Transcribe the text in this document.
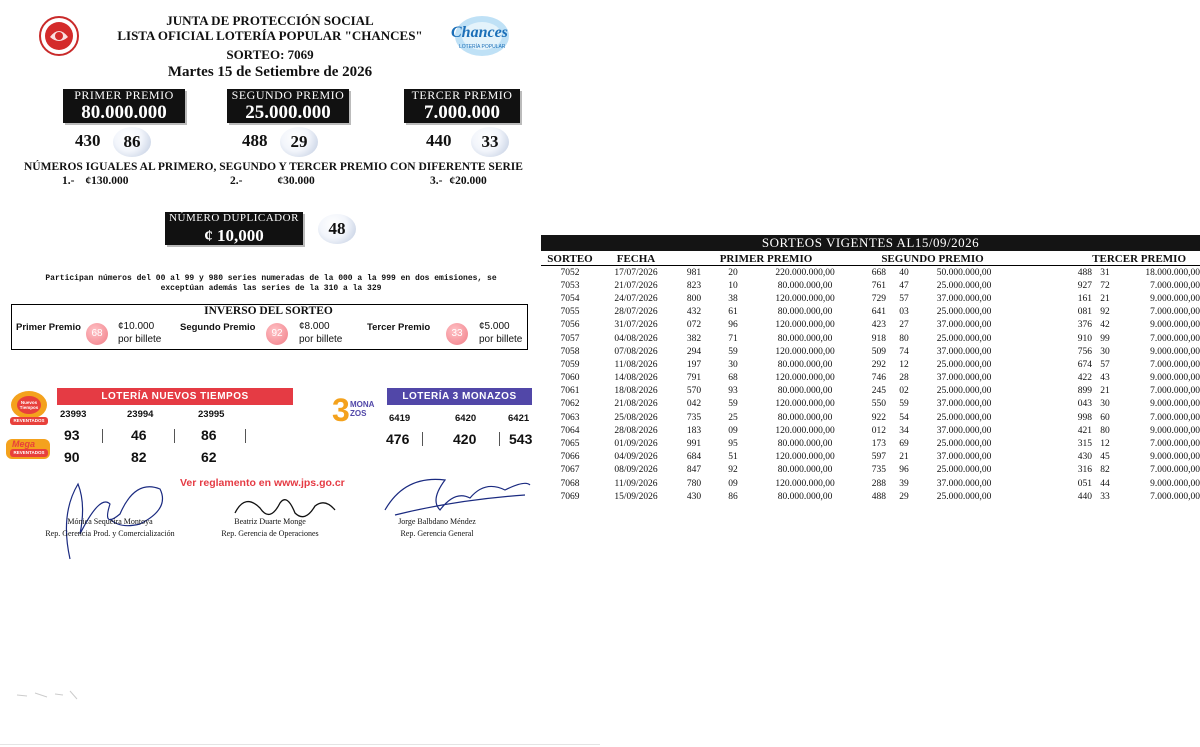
JUNTA DE PROTECCIÓN SOCIAL
LISTA OFICIAL LOTERÍA POPULAR "CHANCES"
SORTEO: 7069
Martes 15 de Setiembre de 2026
Chances
LOTERÍA POPULAR
PRIMER PREMIO
80.000.000
SEGUNDO PREMIO
25.000.000
TERCER PREMIO
7.000.000
430	86	488	29	440	33
NÚMEROS IGUALES AL PRIMERO, SEGUNDO Y TERCER PREMIO CON DIFERENTE SERIE
1.- ¢130.000	2.-	¢30.000	3.- ¢20.000
NÚMERO DUPLICADOR
¢ 10,000	48
Participan números del 00 al 99 y 980 series numeradas de la 000 a la 999 en dos emisiones, se exceptúan además las series de la 310 a la 329
INVERSO DEL SORTEO
Primer Premio
68
¢10.000
por billete
Segundo Premio
92
¢8.000
por billete
Tercer Premio
33
¢5.000
por billete
Nuevos Tiempos
REVENTADOS
Mega
REVENTADOS
LOTERÍA NUEVOS TIEMPOS
23993	23994	23995
93	46	86
90	82	62
3 MONAZOS
LOTERÍA 3 MONAZOS
6419	6420	6421
476	420 543
Ver reglamento en www.jps.go.cr
Mónica Sequeira Montoya
Rep. Gerencia Prod. y Comercialización
Beatriz Duarte Monge
Rep. Gerencia de Operaciones
Jorge Balbdano Méndez
Rep. Gerencia General
SORTEOS VIGENTES AL15/09/2026
SORTEO	FECHA	PRIMER PREMIO			SEGUNDO PREMIO			TERCER PREMIO		
7052	17/07/2026	981	20	220.000.000,00	668	40	50.000.000,00	488	31	18.000.000,00
7053	21/07/2026	823	10	80.000.000,00	761	47	25.000.000,00	927	72	7.000.000,00
7054	24/07/2026	800	38	120.000.000,00	729	57	37.000.000,00	161	21	9.000.000,00
7055	28/07/2026	432	61	80.000.000,00	641	03	25.000.000,00	081	92	7.000.000,00
7056	31/07/2026	072	96	120.000.000,00	423	27	37.000.000,00	376	42	9.000.000,00
7057	04/08/2026	382	71	80.000.000,00	918	80	25.000.000,00	910	99	7.000.000,00
7058	07/08/2026	294	59	120.000.000,00	509	74	37.000.000,00	756	30	9.000.000,00
7059	11/08/2026	197	30	80.000.000,00	292	12	25.000.000,00	674	57	7.000.000,00
7060	14/08/2026	791	68	120.000.000,00	746	28	37.000.000,00	422	43	9.000.000,00
7061	18/08/2026	570	93	80.000.000,00	245	02	25.000.000,00	899	21	7.000.000,00
7062	21/08/2026	042	59	120.000.000,00	550	59	37.000.000,00	043	30	9.000.000,00
7063	25/08/2026	735	25	80.000.000,00	922	54	25.000.000,00	998	60	7.000.000,00
7064	28/08/2026	183	09	120.000.000,00	012	34	37.000.000,00	421	80	9.000.000,00
7065	01/09/2026	991	95	80.000.000,00	173	69	25.000.000,00	315	12	7.000.000,00
7066	04/09/2026	684	51	120.000.000,00	597	21	37.000.000,00	430	45	9.000.000,00
7067	08/09/2026	847	92	80.000.000,00	735	96	25.000.000,00	316	82	7.000.000,00
7068	11/09/2026	780	09	120.000.000,00	288	39	37.000.000,00	051	44	9.000.000,00
7069	15/09/2026	430	86	80.000.000,00	488	29	25.000.000,00	440	33	7.000.000,00
